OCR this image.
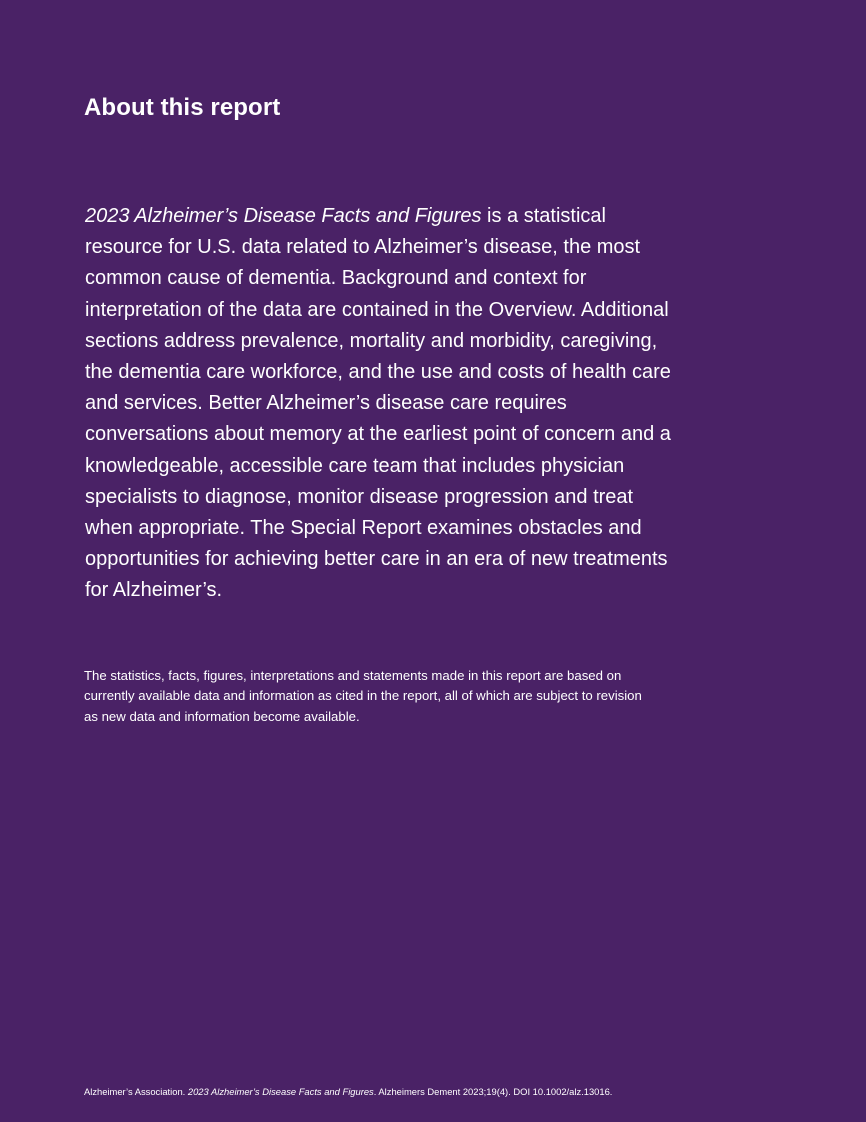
About this report

2023 Alzheimer’s Disease Facts and Figures is a statistical resource for U.S. data related to Alzheimer’s disease, the most common cause of dementia. Background and context for interpretation of the data are contained in the Overview. Additional sections address prevalence, mortality and morbidity, caregiving, the dementia care workforce, and the use and costs of health care and services. Better Alzheimer’s disease care requires conversations about memory at the earliest point of concern and a knowledgeable, accessible care team that includes physician specialists to diagnose, monitor disease progression and treat when appropriate. The Special Report examines obstacles and opportunities for achieving better care in an era of new treatments for Alzheimer’s.

The statistics, facts, figures, interpretations and statements made in this report are based on currently available data and information as cited in the report, all of which are subject to revision as new data and information become available.

Alzheimer’s Association. 2023 Alzheimer’s Disease Facts and Figures. Alzheimers Dement 2023;19(4). DOI 10.1002/alz.13016.
